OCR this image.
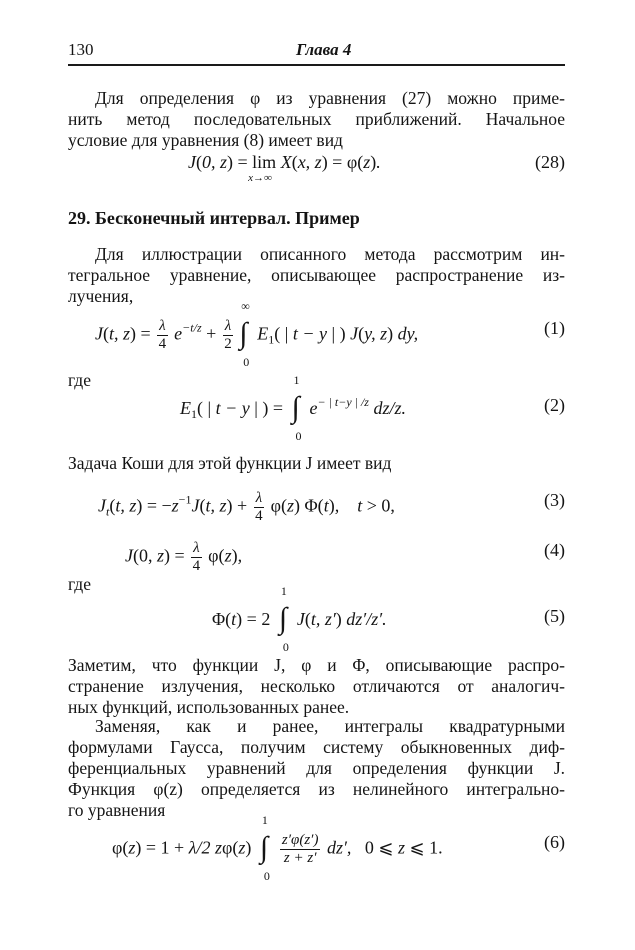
130	Глава 4
Для определения φ из уравнения (27) можно приме-
нить метод последовательных приближений. Начальное
условие для уравнения (8) имеет вид
J(0, z) = lim
x→∞
X(x, z) = φ(z).	(28)
29. Бесконечный интервал. Пример
Для иллюстрации описанного метода рассмотрим ин-
тегральное уравнение, описывающее распространение из-
лучения,
J(t, $z) = \frac{\lambda}{4} e^{-t/z} + \frac{\lambda}{2}$
∞
∫
0
$E_1$( | t − y | ) J(y, z) dy,	(1)
где
$E_1$( | t − y | ) =
1
∫
0
$e^{- | t-y | /z}$ dz/z.	(2)
Задача Коши для этой функции J имеет вид
$J_t(t$, $z) = -z^{-1}J(t$, $z) + \frac{\lambda}{4} \varphi(z)$ Φ(t),    t > 0,	(3)
J(0, $z) = \frac{\lambda}{4} \varphi(z)$,	(4)
где
Φ(t) = 2
1
∫
0
J(t, z′) dz′/z′.	(5)
Заметим, что функции J, φ и Φ, описывающие распро-
странение излучения, несколько отличаются от аналогич-
ных функций, использованных ранее.
Заменяя, как и ранее, интегралы квадратурными
формулами Гаусса, получим систему обыкновенных диф-
ференциальных уравнений для определения функции J.
Функция φ(z) определяется из нелинейного интегрально-
го уравнения
φ(z) = 1 + λ/2 zφ(z)
1
∫
0
$\frac{z'\varphi(z')}{z + z'} dz'$,   0 ⩽ z ⩽ 1.	(6)
